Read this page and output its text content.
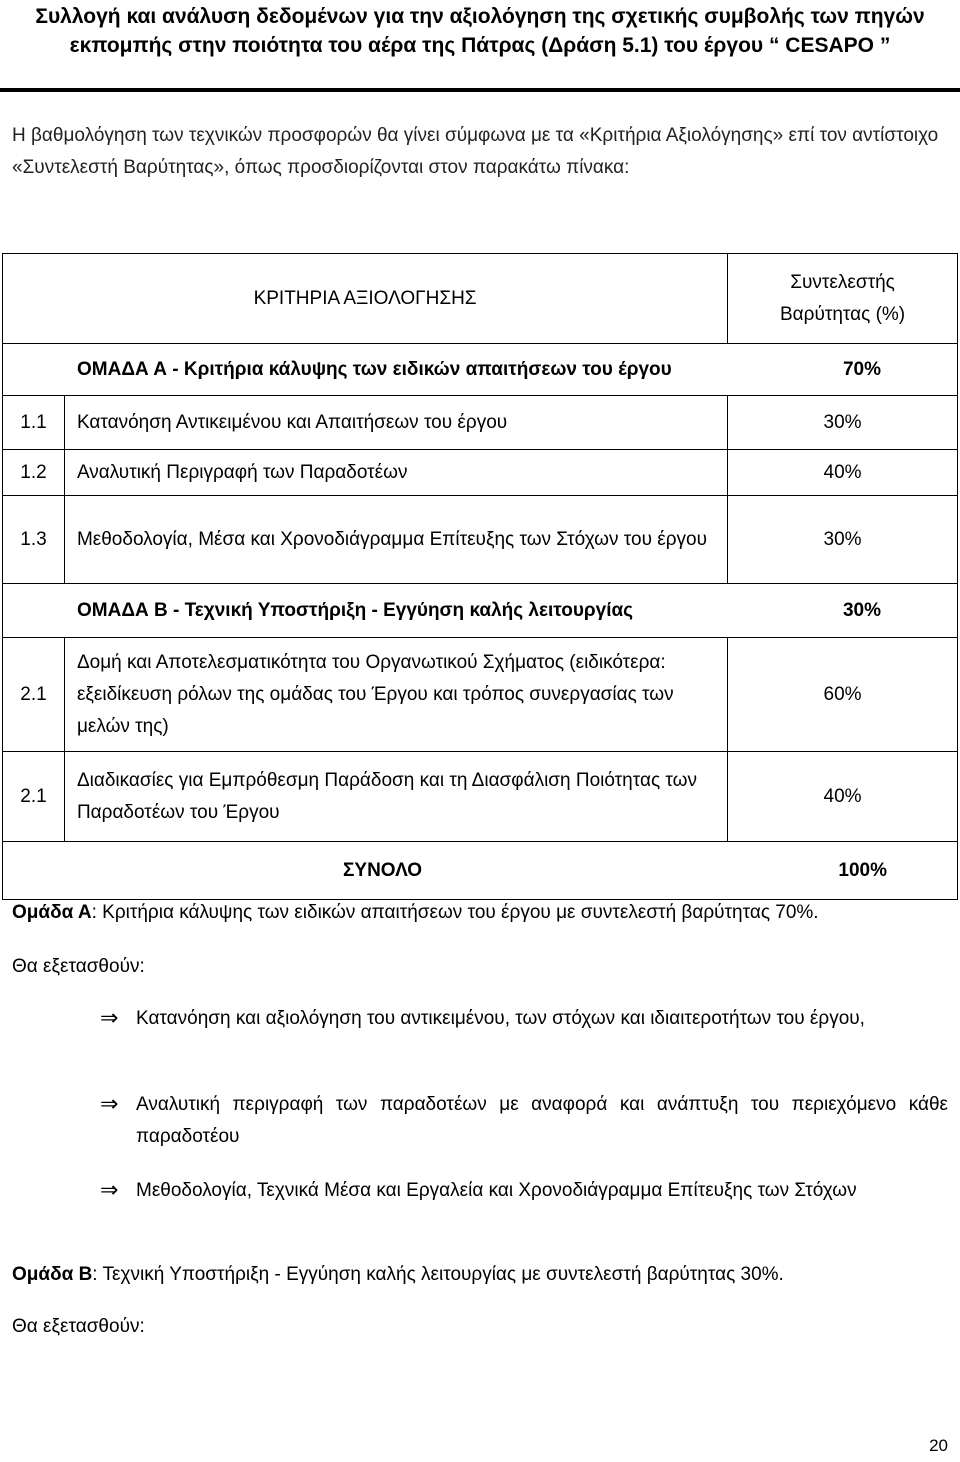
Συλλογή και ανάλυση δεδομένων για την αξιολόγηση της σχετικής συμβολής των πηγών εκπομπής στην ποιότητα του αέρα της Πάτρας (Δράση 5.1) του έργου “ CESAPO ”
Η βαθμολόγηση των τεχνικών προσφορών θα γίνει σύμφωνα με τα «Κριτήρια Αξιολόγησης» επί τον αντίστοιχο «Συντελεστή Βαρύτητας», όπως προσδιορίζονται στον παρακάτω πίνακα:
ΚΡΙΤΗΡΙΑ ΑΞΙΟΛΟΓΗΣΗΣ		Συντελεστής Βαρύτητας (%)

ΟΜΑΔΑ Α - Κριτήρια κάλυψης των ειδικών απαιτήσεων του έργου 70%		

1.1	Κατανόηση Αντικειμένου και Απαιτήσεων του έργου	30%
1.2	Αναλυτική Περιγραφή των Παραδοτέων	40%
1.3	Μεθοδολογία, Μέσα και Χρονοδιάγραμμα Επίτευξης των Στόχων του έργου	30%

ΟΜΑΔΑ Β - Τεχνική Υποστήριξη - Εγγύηση καλής λειτουργίας 30%		

2.1	Δομή και Αποτελεσματικότητα του Οργανωτικού Σχήματος (ειδικότερα: εξειδίκευση ρόλων της ομάδας του Έργου και τρόπος συνεργασίας των μελών της)	60%
2.1	Διαδικασίες για Εμπρόθεσμη Παράδοση και τη Διασφάλιση Ποιότητας των Παραδοτέων του Έργου	40%

ΣΥΝΟΛΟ 100%		
Ομάδα Α: Κριτήρια κάλυψης των ειδικών απαιτήσεων του έργου με συντελεστή βαρύτητας 70%.
Θα εξετασθούν:
⇒ Κατανόηση και αξιολόγηση του αντικειμένου, των στόχων και ιδιαιτεροτήτων του έργου,
⇒ Αναλυτική περιγραφή των παραδοτέων με αναφορά και ανάπτυξη του περιεχόμενο κάθε παραδοτέου
⇒ Μεθοδολογία, Τεχνικά Μέσα και Εργαλεία και Χρονοδιάγραμμα Επίτευξης των Στόχων
Ομάδα Β: Τεχνική Υποστήριξη - Εγγύηση καλής λειτουργίας με συντελεστή βαρύτητας 30%.
Θα εξετασθούν:
20
